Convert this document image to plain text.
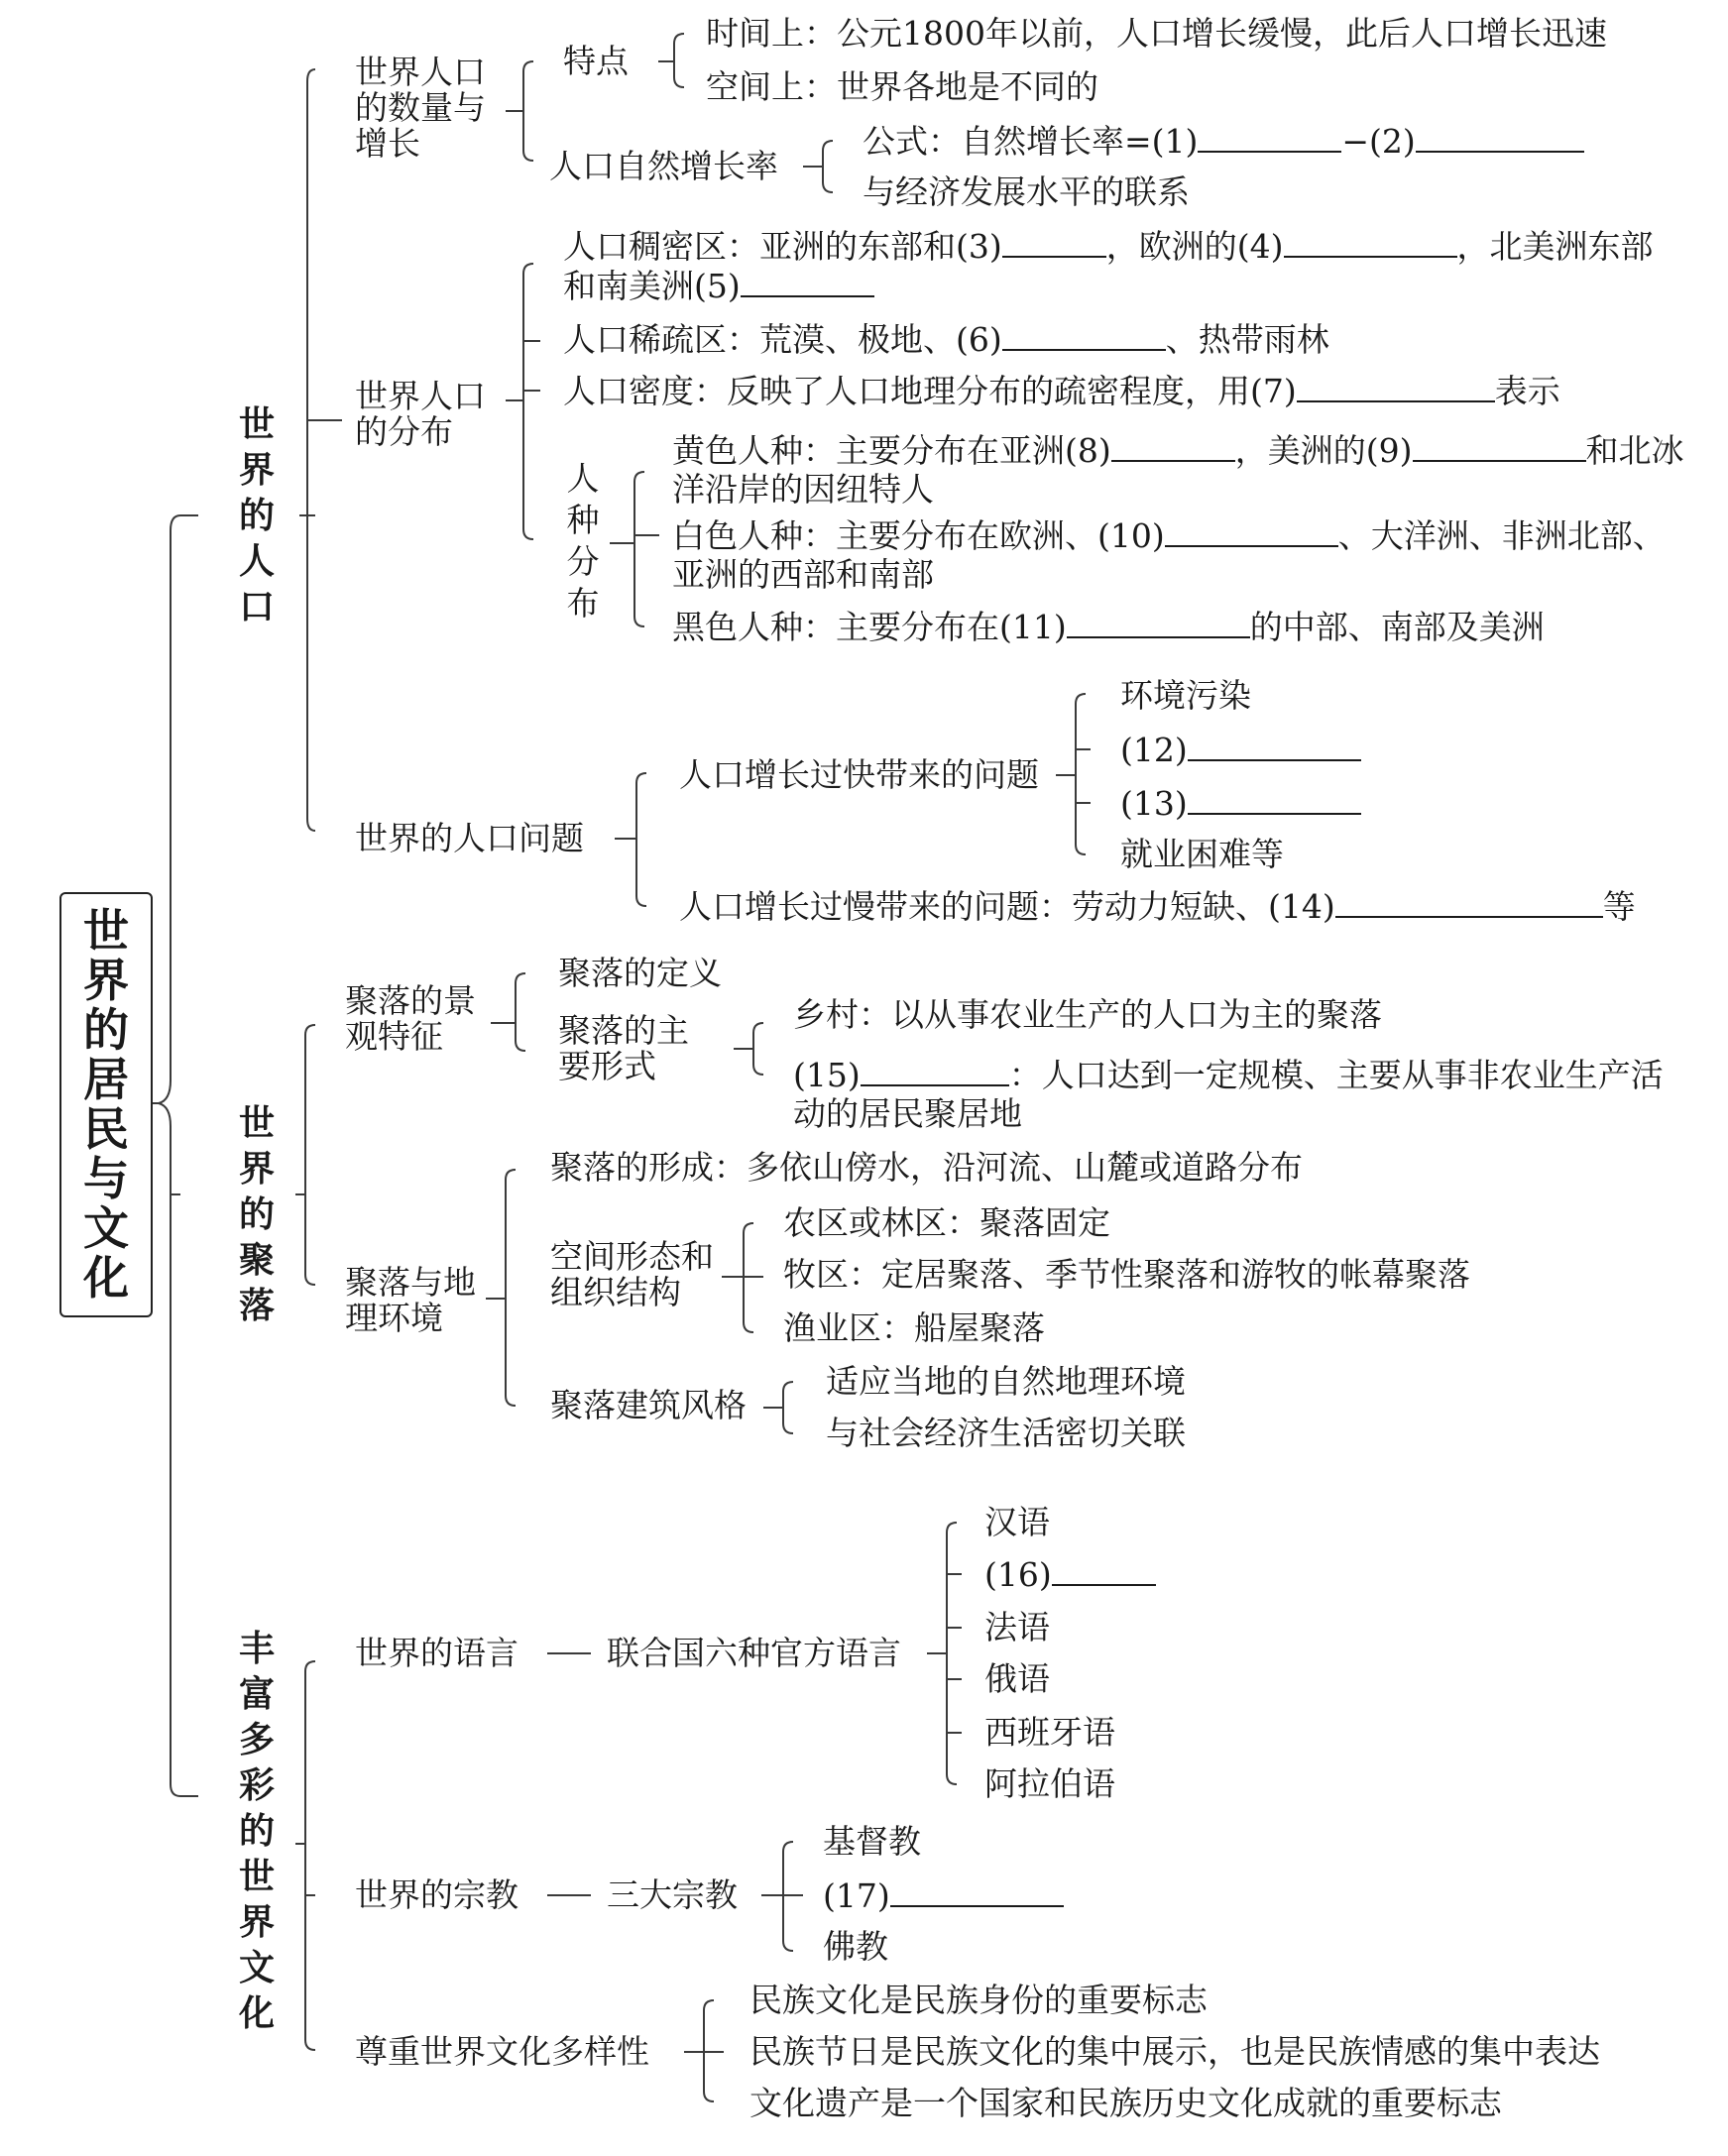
世界的居民与文化
世界的人口
世界人口的数量与增长
特点
时间上：公元1800年以前，人口增长缓慢，此后人口增长迅速
空间上：世界各地是不同的
人口自然增长率
公式：自然增长率=(1)	−(2)
与经济发展水平的联系
世界人口的分布
人口稠密区：亚洲的东部和(3)	，欧洲的(4)	，北美洲东部
和南美洲(5)
人口稀疏区：荒漠、极地、(6)	、热带雨林
人口密度：反映了人口地理分布的疏密程度，用(7)	表示
人种分布
黄色人种：主要分布在亚洲(8)	，美洲的(9)	和北冰
洋沿岸的因纽特人
白色人种：主要分布在欧洲、(10)	、大洋洲、非洲北部、
亚洲的西部和南部
黑色人种：主要分布在(11)	的中部、南部及美洲
世界的人口问题
人口增长过快带来的问题
环境污染
(12)
(13)
就业困难等
人口增长过慢带来的问题：劳动力短缺、(14)	等
世界的聚落
聚落的景观特征
聚落的定义
聚落的主要形式
乡村：以从事农业生产的人口为主的聚落
(15)	：人口达到一定规模、主要从事非农业生产活
动的居民聚居地
聚落与地理环境
聚落的形成：多依山傍水，沿河流、山麓或道路分布
空间形态和组织结构
农区或林区：聚落固定
牧区：定居聚落、季节性聚落和游牧的帐幕聚落
渔业区：船屋聚落
聚落建筑风格
适应当地的自然地理环境
与社会经济生活密切关联
丰富多彩的世界文化
世界的语言	联合国六种官方语言
汉语
(16)
法语
俄语
西班牙语
阿拉伯语
世界的宗教	三大宗教
基督教
(17)
佛教
尊重世界文化多样性
民族文化是民族身份的重要标志
民族节日是民族文化的集中展示，也是民族情感的集中表达
文化遗产是一个国家和民族历史文化成就的重要标志
